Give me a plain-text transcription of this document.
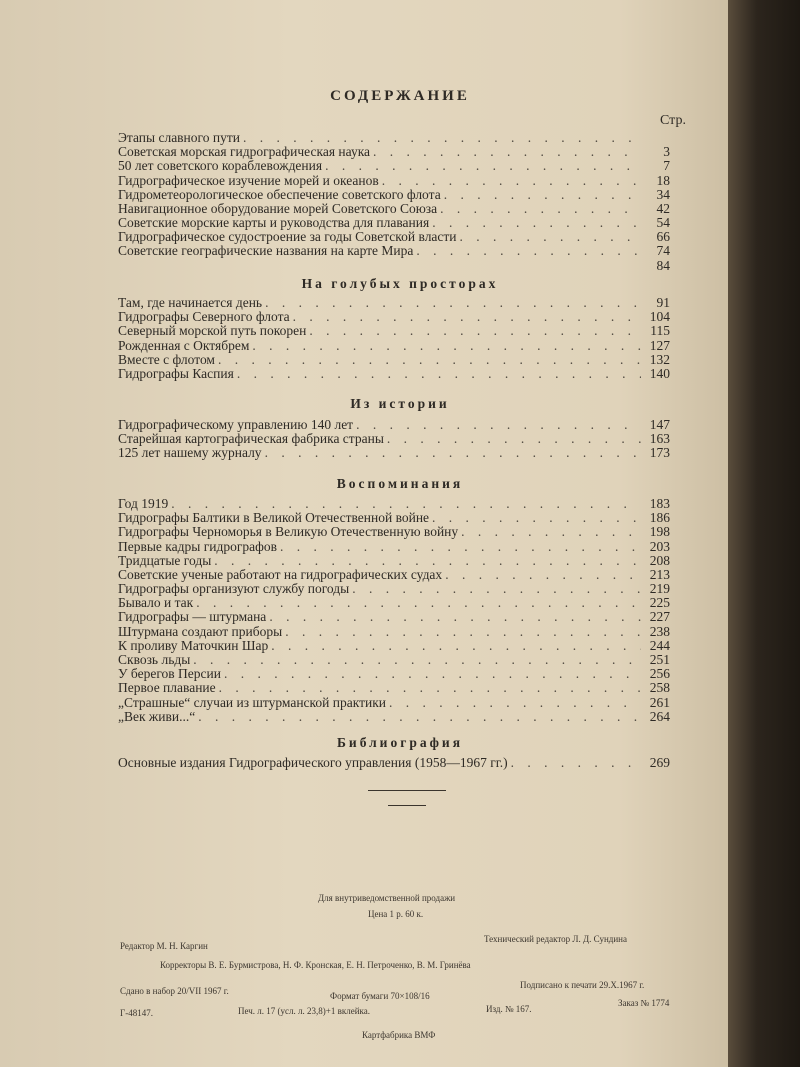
СОДЕРЖАНИЕ
Стр.
Этапы славного пути
. . .
Советская морская гидрографическая наука . . .	3
50 лет советского кораблевождения . . .	7
Гидрографическое изучение морей и океанов . . .	18
Гидрометеорологическое обеспечение советского флота . . .	34
Навигационное оборудование морей Советского Союза . . .	42
Советские морские карты и руководства для плавания . . .	54
Гидрографическое судостроение за годы Советской власти . . .	66
Советские географические названия на карте Мира . . .	74
84
На голубых просторах
Там, где начинается день . . .	91
Гидрографы Северного флота . . .	104
Северный морской путь покорен . . .	115
Рожденная с Октябрем . . .	127
Вместе с флотом . . .	132
Гидрографы Каспия . . .	140
Из истории
Гидрографическому управлению 140 лет . . .	147
Старейшая картографическая фабрика страны . . .	163
125 лет нашему журналу . . .	173
Воспоминания
Год 1919 . . .	183
Гидрографы Балтики в Великой Отечественной войне . . .	186
Гидрографы Черноморья в Великую Отечественную войну . . .	198
Первые кадры гидрографов . . .	203
Тридцатые годы . . .	208
Советские ученые работают на гидрографических судах . . .	213
Гидрографы организуют службу погоды . . .	219
Бывало и так . . .	225
Гидрографы — штурмана . . .	227
Штурмана создают приборы . . .	238
К проливу Маточкин Шар . . .	244
Сквозь льды . . .	251
У берегов Персии . . .	256
Первое плавание . . .	258
„Страшные“ случаи из штурманской практики . . .	261
„Век живи...“ . . .	264
Библиография
Основные издания Гидрографического управления (1958—1967 гг.) . . .	269
Для внутриведомственной продажи
Цена 1 р. 60 к.
Редактор М. Н. Каргин
Технический редактор Л. Д. Сундина
Корректоры В. Е. Бурмистрова, Н. Ф. Кронская, Е. Н. Петроченко, В. М. Гринёва
Сдано в набор 20/VII 1967 г.	Формат бумаги 70×108/16
Подписано к печати 29.Х.1967 г.
Г-48147.	Печ. л. 17 (усл. л. 23,8)+1 вклейка.	Изд. № 167.
Заказ № 1774
Картфабрика ВМФ
